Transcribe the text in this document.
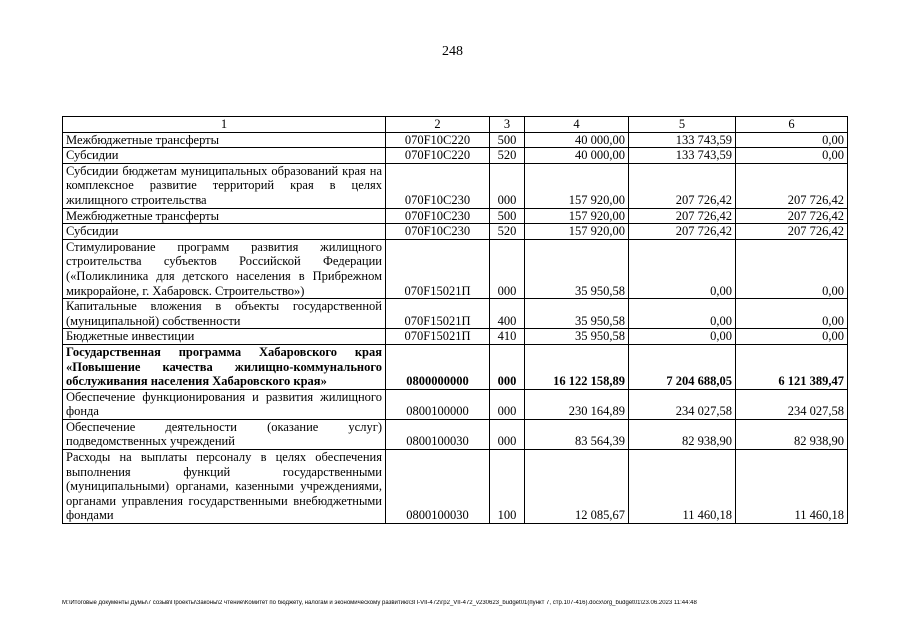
248
1	2	3	4	5	6
Межбюджетные трансферты	070F10C220	500	40 000,00	133 743,59	0,00
Субсидии	070F10C220	520	40 000,00	133 743,59	0,00
Субсидии бюджетам муниципальных образований края на комплексное развитие территорий края в целях жилищного строительства	070F10C230	000	157 920,00	207 726,42	207 726,42
Межбюджетные трансферты	070F10C230	500	157 920,00	207 726,42	207 726,42
Субсидии	070F10C230	520	157 920,00	207 726,42	207 726,42
Стимулирование программ развития жилищного строительства субъектов Российской Федерации («Поликлиника для детского населения в Прибрежном микрорайоне, г. Хабаровск. Строительство»)	070F15021П	000	35 950,58	0,00	0,00
Капитальные вложения в объекты государственной (муниципальной) собственности	070F15021П	400	35 950,58	0,00	0,00
Бюджетные инвестиции	070F15021П	410	35 950,58	0,00	0,00
Государственная программа Хабаровского края «Повышение качества жилищно-коммунального обслуживания населения Хабаровского края»	0800000000	000	16 122 158,89	7 204 688,05	6 121 389,47
Обеспечение функционирования и развития жилищного фонда	0800100000	000	230 164,89	234 027,58	234 027,58
Обеспечение деятельности (оказание услуг) подведомственных учреждений	0800100030	000	83 564,39	82 938,90	82 938,90
Расходы на выплаты персоналу в целях обеспечения выполнения функций государственными (муниципальными) органами, казенными учреждениями, органами управления государственными внебюджетными фондами	0800100030	100	12 085,67	11 460,18	11 460,18
M:\Итоговые документы Думы\7 созыв\Проекты\Законы\2 чтение\Комитет по бюджету, налогам и экономическому развитию\ЗП-VII-472\гр2_VII-472_v230623_budget01(пункт 7, стр.107-416).docx\org_budget01\23.06.2023 11:44:48
